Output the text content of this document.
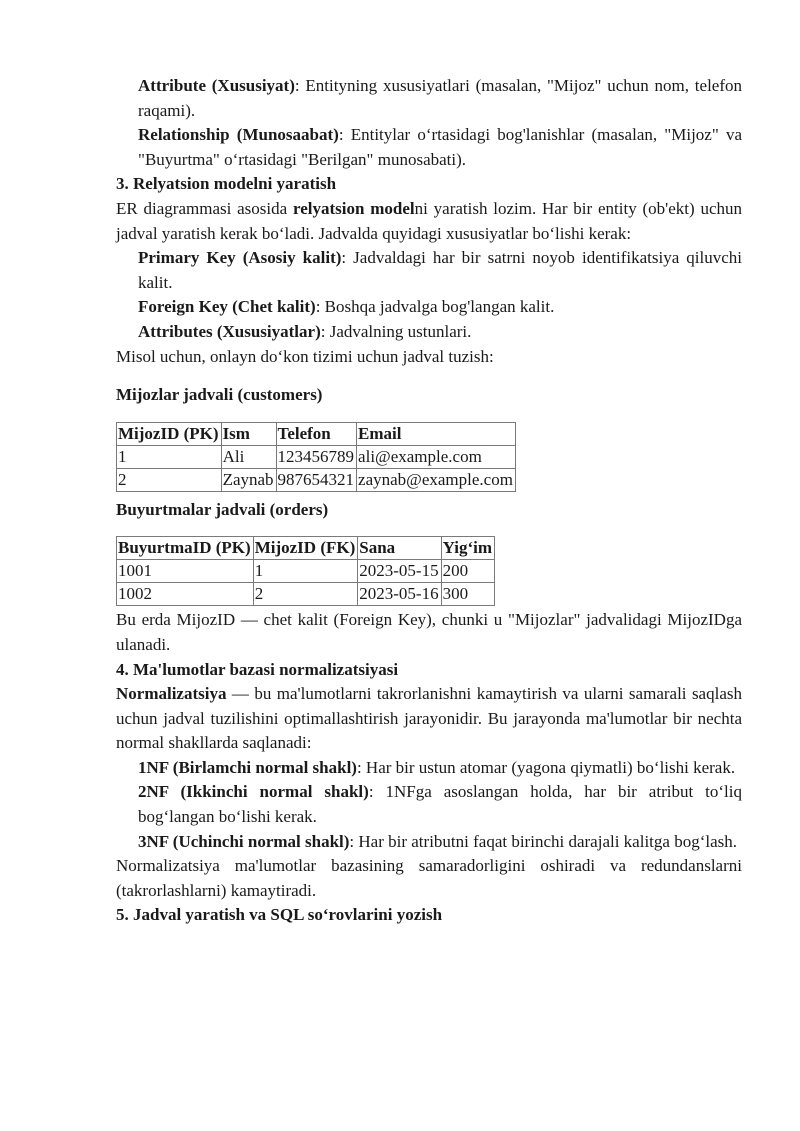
Attribute (Xususiyat): Entityning xususiyatlari (masalan, "Mijoz" uchun nom, telefon raqami).

Relationship (Munosaabat): Entitylar o‘rtasidagi bog'lanishlar (masalan, "Mijoz" va "Buyurtma" o‘rtasidagi "Berilgan" munosabati).

3. Relyatsion modelni yaratish

ER diagrammasi asosida relyatsion modelni yaratish lozim. Har bir entity (ob'ekt) uchun jadval yaratish kerak bo‘ladi. Jadvalda quyidagi xususiyatlar bo‘lishi kerak:

Primary Key (Asosiy kalit): Jadvaldagi har bir satrni noyob identifikatsiya qiluvchi kalit.

Foreign Key (Chet kalit): Boshqa jadvalga bog'langan kalit.

Attributes (Xususiyatlar): Jadvalning ustunlari.

Misol uchun, onlayn do‘kon tizimi uchun jadval tuzish:

Mijozlar jadvali (customers)

MijozID (PK)	Ism	Telefon	Email
1	Ali	123456789	ali@example.com
2	Zaynab	987654321	zaynab@example.com

Buyurtmalar jadvali (orders)

BuyurtmaID (PK)	MijozID (FK)	Sana	Yig‘im
1001	1	2023-05-15	200
1002	2	2023-05-16	300

Bu erda MijozID — chet kalit (Foreign Key), chunki u "Mijozlar" jadvalidagi MijozIDga ulanadi.

4. Ma'lumotlar bazasi normalizatsiyasi

Normalizatsiya — bu ma'lumotlarni takrorlanishni kamaytirish va ularni samarali saqlash uchun jadval tuzilishini optimallashtirish jarayonidir. Bu jarayonda ma'lumotlar bir nechta normal shakllarda saqlanadi:

1NF (Birlamchi normal shakl): Har bir ustun atomar (yagona qiymatli) bo‘lishi kerak.

2NF (Ikkinchi normal shakl): 1NFga asoslangan holda, har bir atribut to‘liq bog‘langan bo‘lishi kerak.

3NF (Uchinchi normal shakl): Har bir atributni faqat birinchi darajali kalitga bog‘lash.

Normalizatsiya ma'lumotlar bazasining samaradorligini oshiradi va redundanslarni (takrorlashlarni) kamaytiradi.

5. Jadval yaratish va SQL so‘rovlarini yozish
